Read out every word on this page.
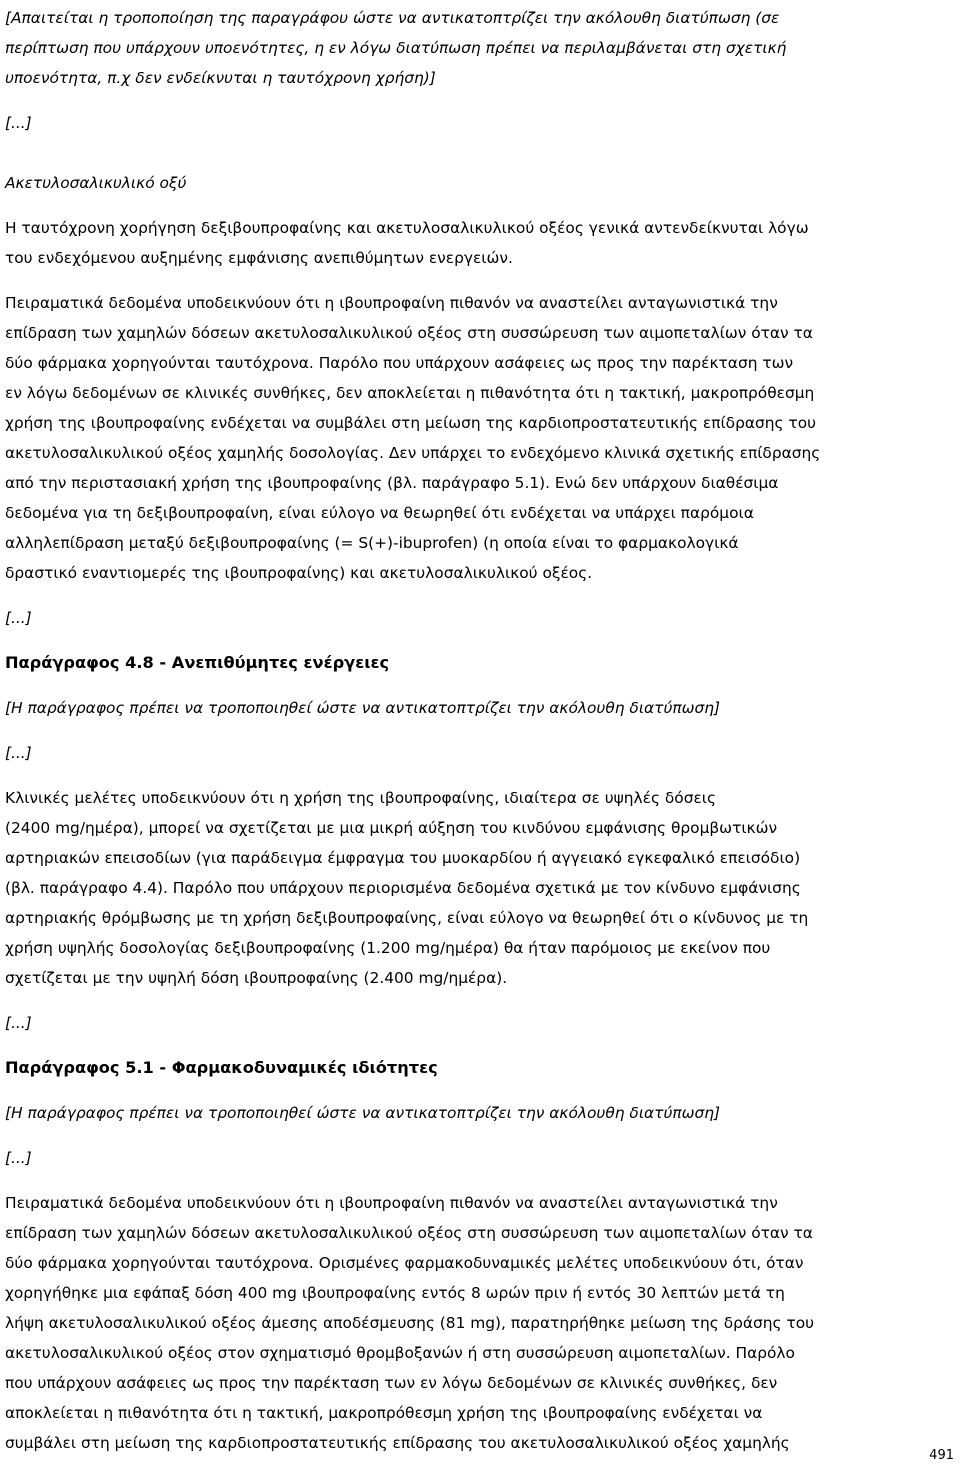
[Απαιτείται η τροποποίηση της παραγράφου ώστε να αντικατοπτρίζει την ακόλουθη διατύπωση (σε

περίπτωση που υπάρχουν υποενότητες, η εν λόγω διατύπωση πρέπει να περιλαμβάνεται στη σχετική

υποενότητα, π.χ δεν ενδείκνυται η ταυτόχρονη χρήση)]

[...]

Ακετυλοσαλικυλικό οξύ

Η ταυτόχρονη χορήγηση δεξιβουπροφαίνης και ακετυλοσαλικυλικού οξέος γενικά αντενδείκνυται λόγω

του ενδεχόμενου αυξημένης εμφάνισης ανεπιθύμητων ενεργειών.

Πειραματικά δεδομένα υποδεικνύουν ότι η ιβουπροφαίνη πιθανόν να αναστείλει ανταγωνιστικά την

επίδραση των χαμηλών δόσεων ακετυλοσαλικυλικού οξέος στη συσσώρευση των αιμοπεταλίων όταν τα

δύο φάρμακα χορηγούνται ταυτόχρονα. Παρόλο που υπάρχουν ασάφειες ως προς την παρέκταση των

εν λόγω δεδομένων σε κλινικές συνθήκες, δεν αποκλείεται η πιθανότητα ότι η τακτική, μακροπρόθεσμη

χρήση της ιβουπροφαίνης ενδέχεται να συμβάλει στη μείωση της καρδιοπροστατευτικής επίδρασης του

ακετυλοσαλικυλικού οξέος χαμηλής δοσολογίας. Δεν υπάρχει το ενδεχόμενο κλινικά σχετικής επίδρασης

από την περιστασιακή χρήση της ιβουπροφαίνης (βλ. παράγραφο 5.1). Ενώ δεν υπάρχουν διαθέσιμα

δεδομένα για τη δεξιβουπροφαίνη, είναι εύλογο να θεωρηθεί ότι ενδέχεται να υπάρχει παρόμοια

αλληλεπίδραση μεταξύ δεξιβουπροφαίνης (= S(+)-ibuprofen) (η οποία είναι το φαρμακολογικά

δραστικό εναντιομερές της ιβουπροφαίνης) και ακετυλοσαλικυλικού οξέος.

[...]

Παράγραφος 4.8 - Ανεπιθύμητες ενέργειες

[Η παράγραφος πρέπει να τροποποιηθεί ώστε να αντικατοπτρίζει την ακόλουθη διατύπωση]

[...]

Κλινικές μελέτες υποδεικνύουν ότι η χρήση της ιβουπροφαίνης, ιδιαίτερα σε υψηλές δόσεις

(2400 mg/ημέρα), μπορεί να σχετίζεται με μια μικρή αύξηση του κινδύνου εμφάνισης θρομβωτικών

αρτηριακών επεισοδίων (για παράδειγμα έμφραγμα του μυοκαρδίου ή αγγειακό εγκεφαλικό επεισόδιο)

(βλ. παράγραφο 4.4). Παρόλο που υπάρχουν περιορισμένα δεδομένα σχετικά με τον κίνδυνο εμφάνισης

αρτηριακής θρόμβωσης με τη χρήση δεξιβουπροφαίνης, είναι εύλογο να θεωρηθεί ότι ο κίνδυνος με τη

χρήση υψηλής δοσολογίας δεξιβουπροφαίνης (1.200 mg/ημέρα) θα ήταν παρόμοιος με εκείνον που

σχετίζεται με την υψηλή δόση ιβουπροφαίνης (2.400 mg/ημέρα).

[...]

Παράγραφος 5.1 - Φαρμακοδυναμικές ιδιότητες

[Η παράγραφος πρέπει να τροποποιηθεί ώστε να αντικατοπτρίζει την ακόλουθη διατύπωση]

[...]

Πειραματικά δεδομένα υποδεικνύουν ότι η ιβουπροφαίνη πιθανόν να αναστείλει ανταγωνιστικά την

επίδραση των χαμηλών δόσεων ακετυλοσαλικυλικού οξέος στη συσσώρευση των αιμοπεταλίων όταν τα

δύο φάρμακα χορηγούνται ταυτόχρονα. Ορισμένες φαρμακοδυναμικές μελέτες υποδεικνύουν ότι, όταν

χορηγήθηκε μια εφάπαξ δόση 400 mg ιβουπροφαίνης εντός 8 ωρών πριν ή εντός 30 λεπτών μετά τη

λήψη ακετυλοσαλικυλικού οξέος άμεσης αποδέσμευσης (81 mg), παρατηρήθηκε μείωση της δράσης του

ακετυλοσαλικυλικού οξέος στον σχηματισμό θρομβοξανών ή στη συσσώρευση αιμοπεταλίων. Παρόλο

που υπάρχουν ασάφειες ως προς την παρέκταση των εν λόγω δεδομένων σε κλινικές συνθήκες, δεν

αποκλείεται η πιθανότητα ότι η τακτική, μακροπρόθεσμη χρήση της ιβουπροφαίνης ενδέχεται να

συμβάλει στη μείωση της καρδιοπροστατευτικής επίδρασης του ακετυλοσαλικυλικού οξέος χαμηλής

491
